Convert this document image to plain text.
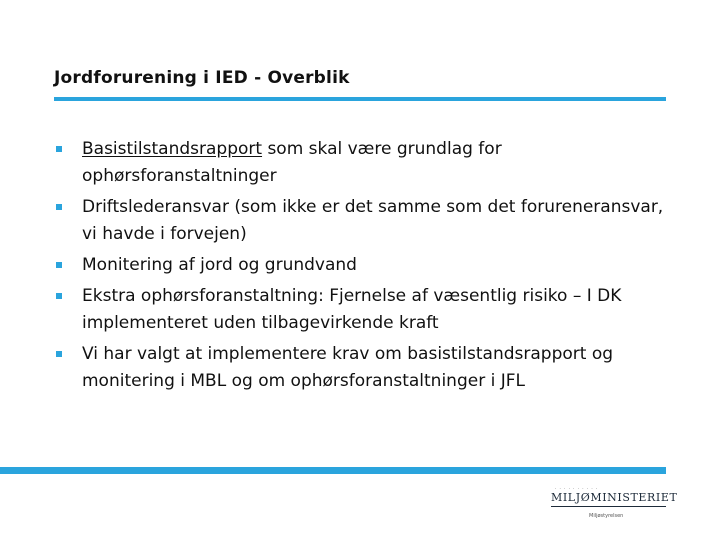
Jordforurening i IED - Overblik
Basistilstandsrapport som skal være grundlag for ophørsforanstaltninger
Driftslederansvar (som ikke er det samme som det forureneransvar, vi havde i forvejen)
Monitering af jord og grundvand
Ekstra ophørsforanstaltning: Fjernelse af væsentlig risiko – I DK implementeret uden tilbagevirkende kraft
Vi har valgt at implementere krav om basistilstandsrapport og monitering i MBL og om ophørsforanstaltninger i JFL
· · · · · · · · · ·
MILJØMINISTERIET
Miljøstyrelsen
